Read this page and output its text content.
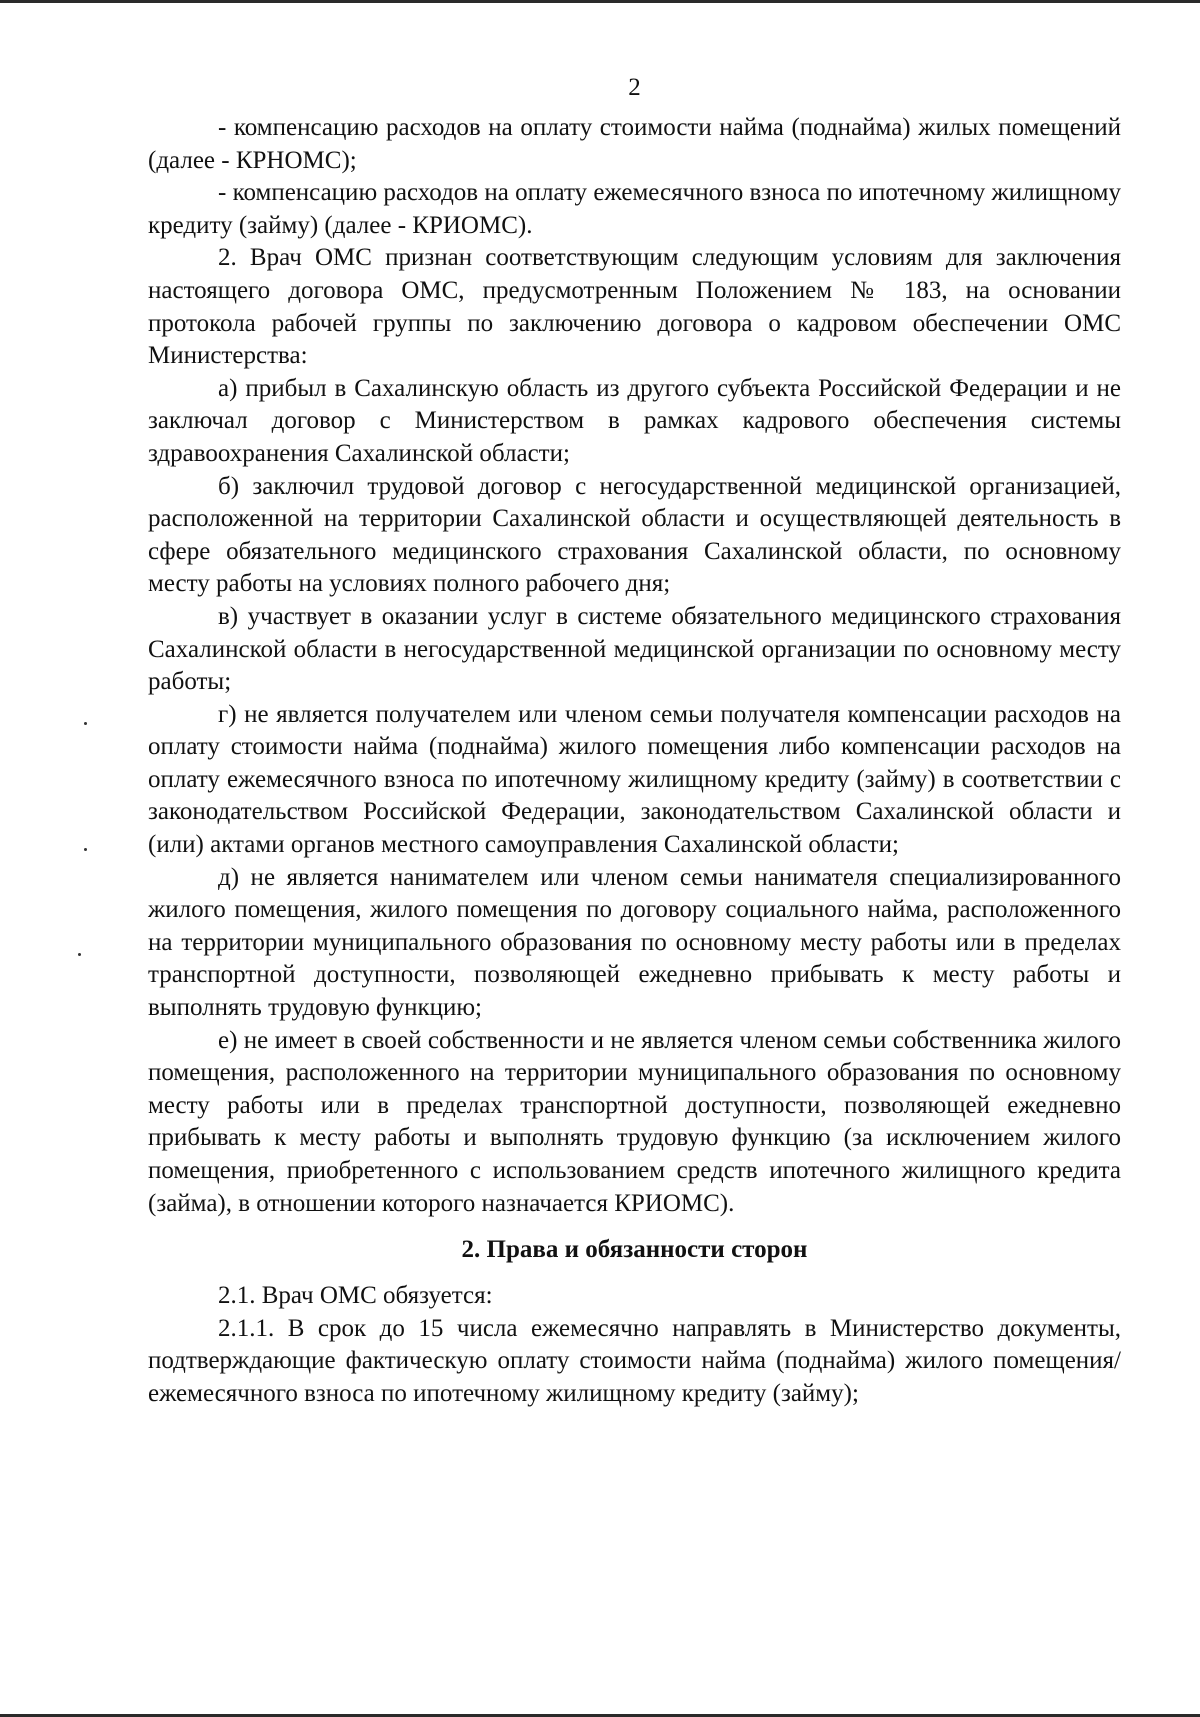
2

- компенсацию расходов на оплату стоимости найма (поднайма) жилых помещений (далее - КРНОМС);

- компенсацию расходов на оплату ежемесячного взноса по ипотечному жилищному кредиту (займу) (далее - КРИОМС).

2. Врач ОМС признан соответствующим следующим условиям для заключения настоящего договора ОМС, предусмотренным Положением № 183, на основании протокола рабочей группы по заключению договора о кадровом обеспечении ОМС Министерства:

а) прибыл в Сахалинскую область из другого субъекта Российской Федерации и не заключал договор с Министерством в рамках кадрового обеспечения системы здравоохранения Сахалинской области;

б) заключил трудовой договор с негосударственной медицинской организацией, расположенной на территории Сахалинской области и осуществляющей деятельность в сфере обязательного медицинского страхования Сахалинской области, по основному месту работы на условиях полного рабочего дня;

в) участвует в оказании услуг в системе обязательного медицинского страхования Сахалинской области в негосударственной медицинской организации по основному месту работы;

г) не является получателем или членом семьи получателя компенсации расходов на оплату стоимости найма (поднайма) жилого помещения либо компенсации расходов на оплату ежемесячного взноса по ипотечному жилищному кредиту (займу) в соответствии с законодательством Российской Федерации, законодательством Сахалинской области и (или) актами органов местного самоуправления Сахалинской области;

д) не является нанимателем или членом семьи нанимателя специализированного жилого помещения, жилого помещения по договору социального найма, расположенного на территории муниципального образования по основному месту работы или в пределах транспортной доступности, позволяющей ежедневно прибывать к месту работы и выполнять трудовую функцию;

е) не имеет в своей собственности и не является членом семьи собственника жилого помещения, расположенного на территории муниципального образования по основному месту работы или в пределах транспортной доступности, позволяющей ежедневно прибывать к месту работы и выполнять трудовую функцию (за исключением жилого помещения, приобретенного с использованием средств ипотечного жилищного кредита (займа), в отношении которого назначается КРИОМС).

2. Права и обязанности сторон

2.1. Врач ОМС обязуется:

2.1.1. В срок до 15 числа ежемесячно направлять в Министерство документы, подтверждающие фактическую оплату стоимости найма (поднайма) жилого помещения/ежемесячного взноса по ипотечному жилищному кредиту (займу);
